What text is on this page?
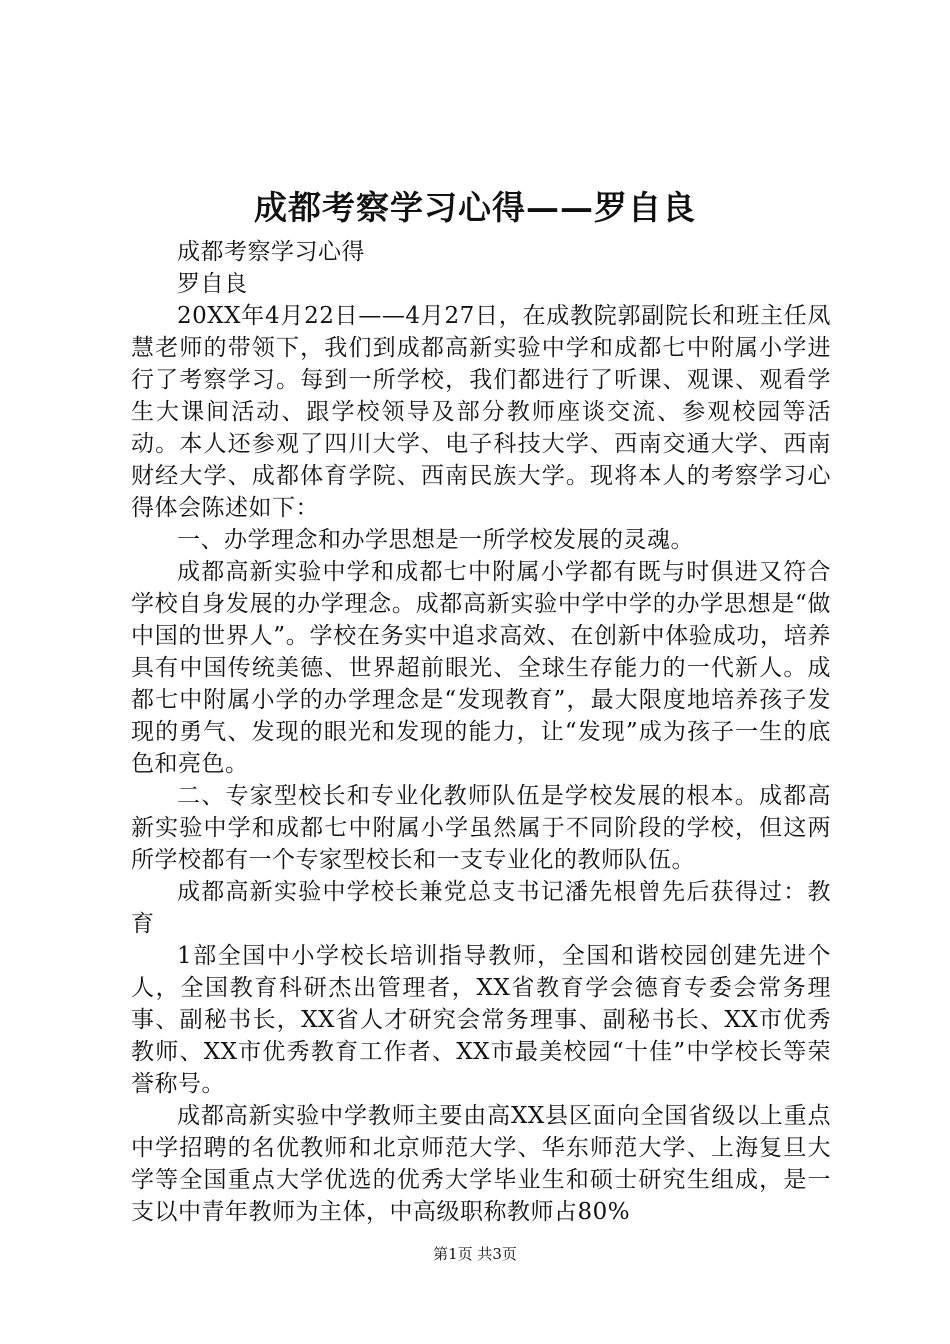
成都考察学习心得——罗自良

成都考察学习心得

罗自良

20XX年4月22日——4月27日，在成教院郭副院长和班主任凤慧老师的带领下，我们到成都高新实验中学和成都七中附属小学进行了考察学习。每到一所学校，我们都进行了听课、观课、观看学生大课间活动、跟学校领导及部分教师座谈交流、参观校园等活动。本人还参观了四川大学、电子科技大学、西南交通大学、西南财经大学、成都体育学院、西南民族大学。现将本人的考察学习心得体会陈述如下：

一、办学理念和办学思想是一所学校发展的灵魂。

成都高新实验中学和成都七中附属小学都有既与时俱进又符合学校自身发展的办学理念。成都高新实验中学中学的办学思想是“做中国的世界人”。学校在务实中追求高效、在创新中体验成功，培养具有中国传统美德、世界超前眼光、全球生存能力的一代新人。成都七中附属小学的办学理念是“发现教育”，最大限度地培养孩子发现的勇气、发现的眼光和发现的能力，让“发现”成为孩子一生的底色和亮色。

二、专家型校长和专业化教师队伍是学校发展的根本。成都高新实验中学和成都七中附属小学虽然属于不同阶段的学校，但这两所学校都有一个专家型校长和一支专业化的教师队伍。

成都高新实验中学校长兼党总支书记潘先根曾先后获得过：教育

1部全国中小学校长培训指导教师，全国和谐校园创建先进个人，全国教育科研杰出管理者，XX省教育学会德育专委会常务理事、副秘书长，XX省人才研究会常务理事、副秘书长、XX市优秀教师、XX市优秀教育工作者、XX市最美校园“十佳”中学校长等荣誉称号。

成都高新实验中学教师主要由高XX县区面向全国省级以上重点中学招聘的名优教师和北京师范大学、华东师范大学、上海复旦大学等全国重点大学优选的优秀大学毕业生和硕士研究生组成，是一支以中青年教师为主体，中高级职称教师占80%

第1页 共3页
